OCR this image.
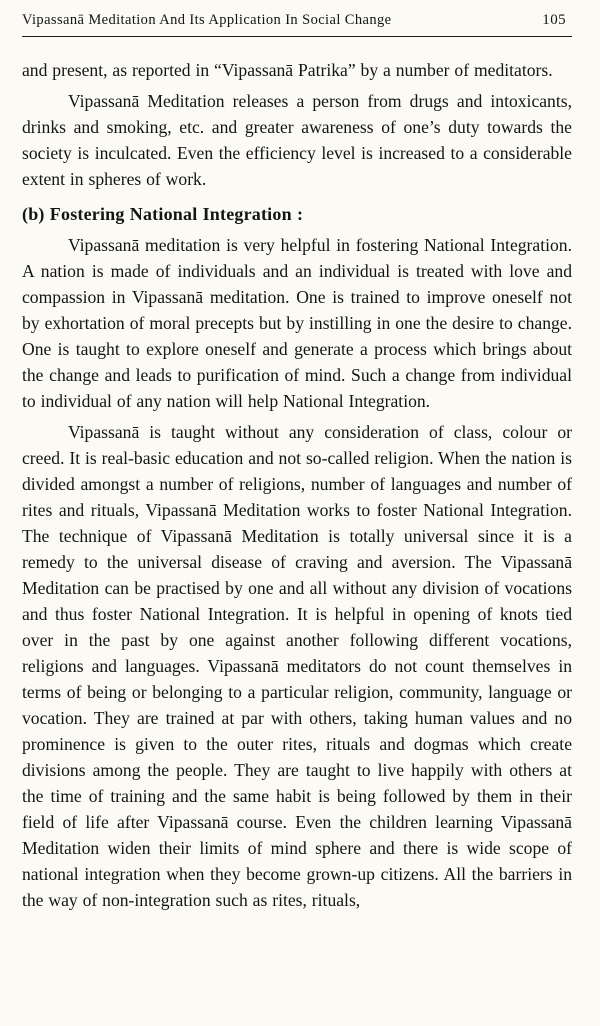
Vipassanā Meditation And Its Application In Social Change	105

and present, as reported in “Vipassanā Patrika” by a number of meditators.

Vipassanā Meditation releases a person from drugs and intoxicants, drinks and smoking, etc. and greater awareness of one’s duty towards the society is inculcated. Even the efficiency level is increased to a considerable extent in spheres of work.

(b) Fostering National Integration :

Vipassanā meditation is very helpful in fostering National Integration. A nation is made of individuals and an individual is treated with love and compassion in Vipassanā meditation. One is trained to improve oneself not by exhortation of moral precepts but by instilling in one the desire to change. One is taught to explore oneself and generate a process which brings about the change and leads to purification of mind. Such a change from individual to individual of any nation will help National Integration.

Vipassanā is taught without any consideration of class, colour or creed. It is real-basic education and not so-called religion. When the nation is divided amongst a number of religions, number of languages and number of rites and rituals, Vipassanā Meditation works to foster National Integration. The technique of Vipassanā Meditation is totally universal since it is a remedy to the universal disease of craving and aversion. The Vipassanā Meditation can be practised by one and all without any division of vocations and thus foster National Integration. It is helpful in opening of knots tied over in the past by one against another following different vocations, religions and languages. Vipassanā meditators do not count themselves in terms of being or belonging to a particular religion, community, language or vocation. They are trained at par with others, taking human values and no prominence is given to the outer rites, rituals and dogmas which create divisions among the people. They are taught to live happily with others at the time of training and the same habit is being followed by them in their field of life after Vipassanā course. Even the children learning Vipassanā Meditation widen their limits of mind sphere and there is wide scope of national integration when they become grown-up citizens. All the barriers in the way of non-integration such as rites, rituals,
